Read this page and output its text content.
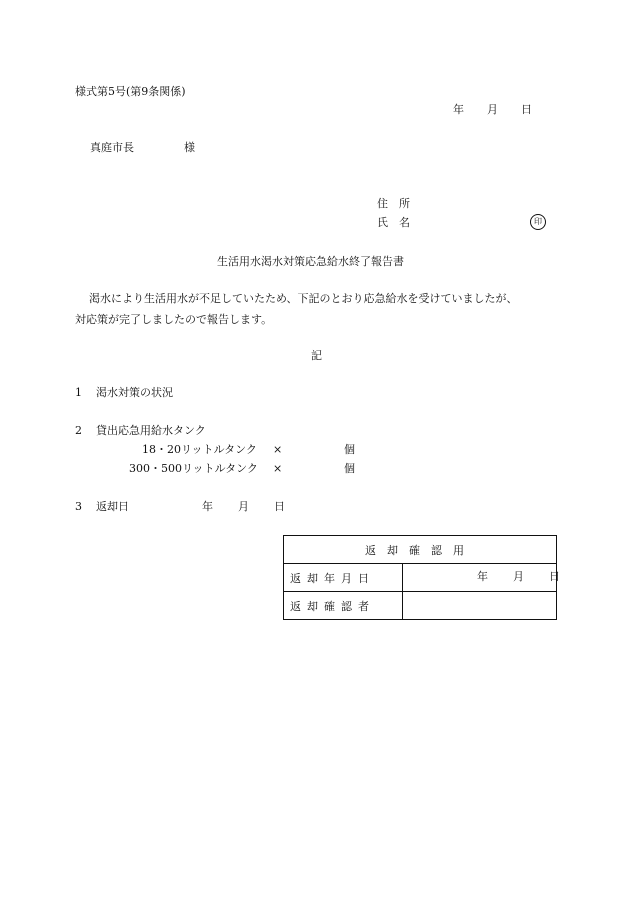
様式第5号(第9条関係)
年 月 日
真庭市長	様
住　所
氏　名	印
生活用水渇水対策応急給水終了報告書
渇水により生活用水が不足していたため、下記のとおり応急給水を受けていましたが、
対応策が完了しましたので報告します。
記
1 渇水対策の状況
2 貸出応急用給水タンク
18・20リットルタンク ×	個
300・500リットルタンク ×	個
3 返却日	年 月 日
返却確認用	
返却年月日	年 月 日

返却確認者	
